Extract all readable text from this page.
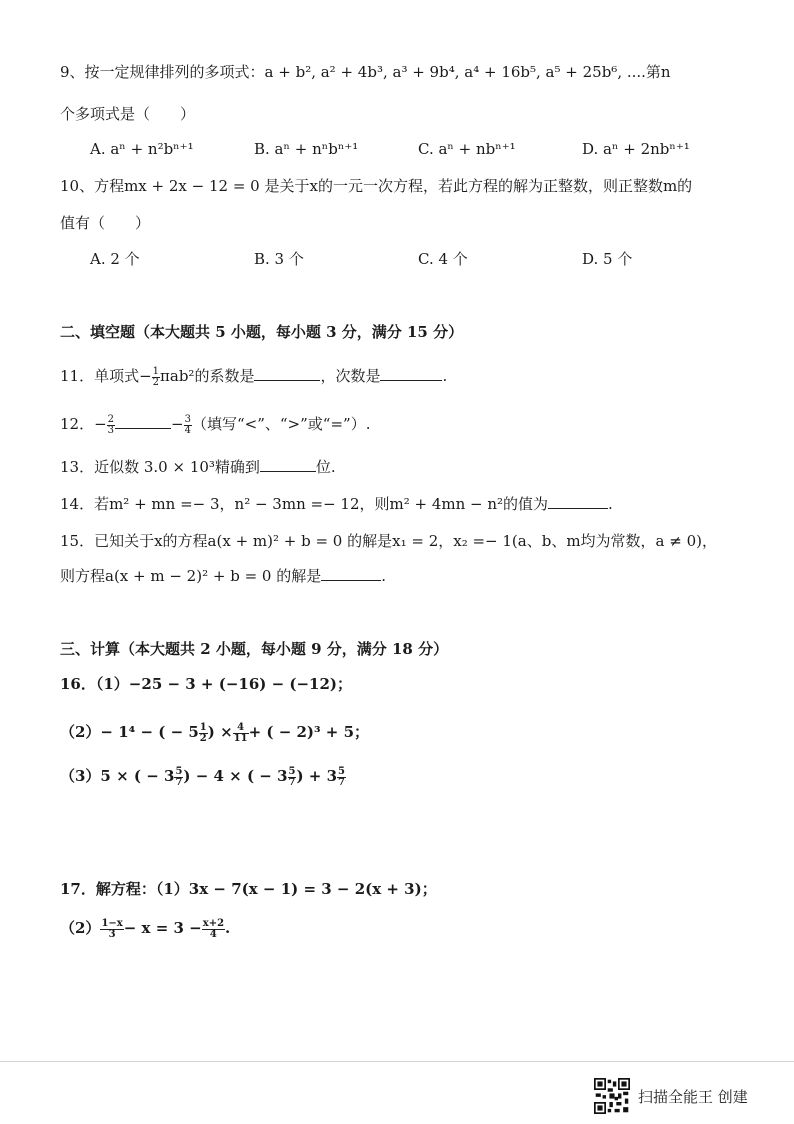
9、按一定规律排列的多项式：a + b², a² + 4b³, a³ + 9b⁴, a⁴ + 16b⁵, a⁵ + 25b⁶, ....第n
个多项式是（　　）
A. aⁿ + n²bⁿ⁺¹	B. aⁿ + nⁿbⁿ⁺¹	C. aⁿ + nbⁿ⁺¹	D. aⁿ + 2nbⁿ⁺¹
10、方程mx + 2x − 12 = 0 是关于x的一元一次方程，若此方程的解为正整数，则正整数m的
值有（　　）
A. 2 个	B. 3 个	C. 4 个	D. 5 个
二、填空题（本大题共 5 小题，每小题 3 分，满分 15 分）
11．单项式− $\frac{1}{2} \pi ab^2$的系数是	，次数是	.
12．− $\frac{2}{3}$	− $\frac{3}{4}$ （填写“<”、“>”或“=”）.
13．近似数 3.0 × 10³精确到	位.
14．若m² + mn =− 3，n² − 3mn =− 12，则m² + 4mn − n²的值为	.
15．已知关于x的方程a(x + m)² + b = 0 的解是x₁ = 2，x₂ =− 1(a、b、m均为常数，a ≠ 0)，
则方程a(x + m − 2)² + b = 0 的解是	.
三、计算（本大题共 2 小题，每小题 9 分，满分 18 分）
16．（1）−25 − 3 + (−16) − (−12)；
（2）− 1⁴ − ( − $5 \frac{1}{2}$ ) × $\frac{4}{11}$ + ( − 2)³ + 5；
（3）5 × ( − $3 \frac{5}{7}$ ) − 4 × ( − $3 \frac{5}{7}$ ) + $3 \frac{5}{7}$
17．解方程：（1）3x − 7(x − 1) = 3 − 2(x + 3)；
$(2) \frac{1-x}{3} - x = 3 - \frac{x+2}{4}$ .
扫描全能王 创建
